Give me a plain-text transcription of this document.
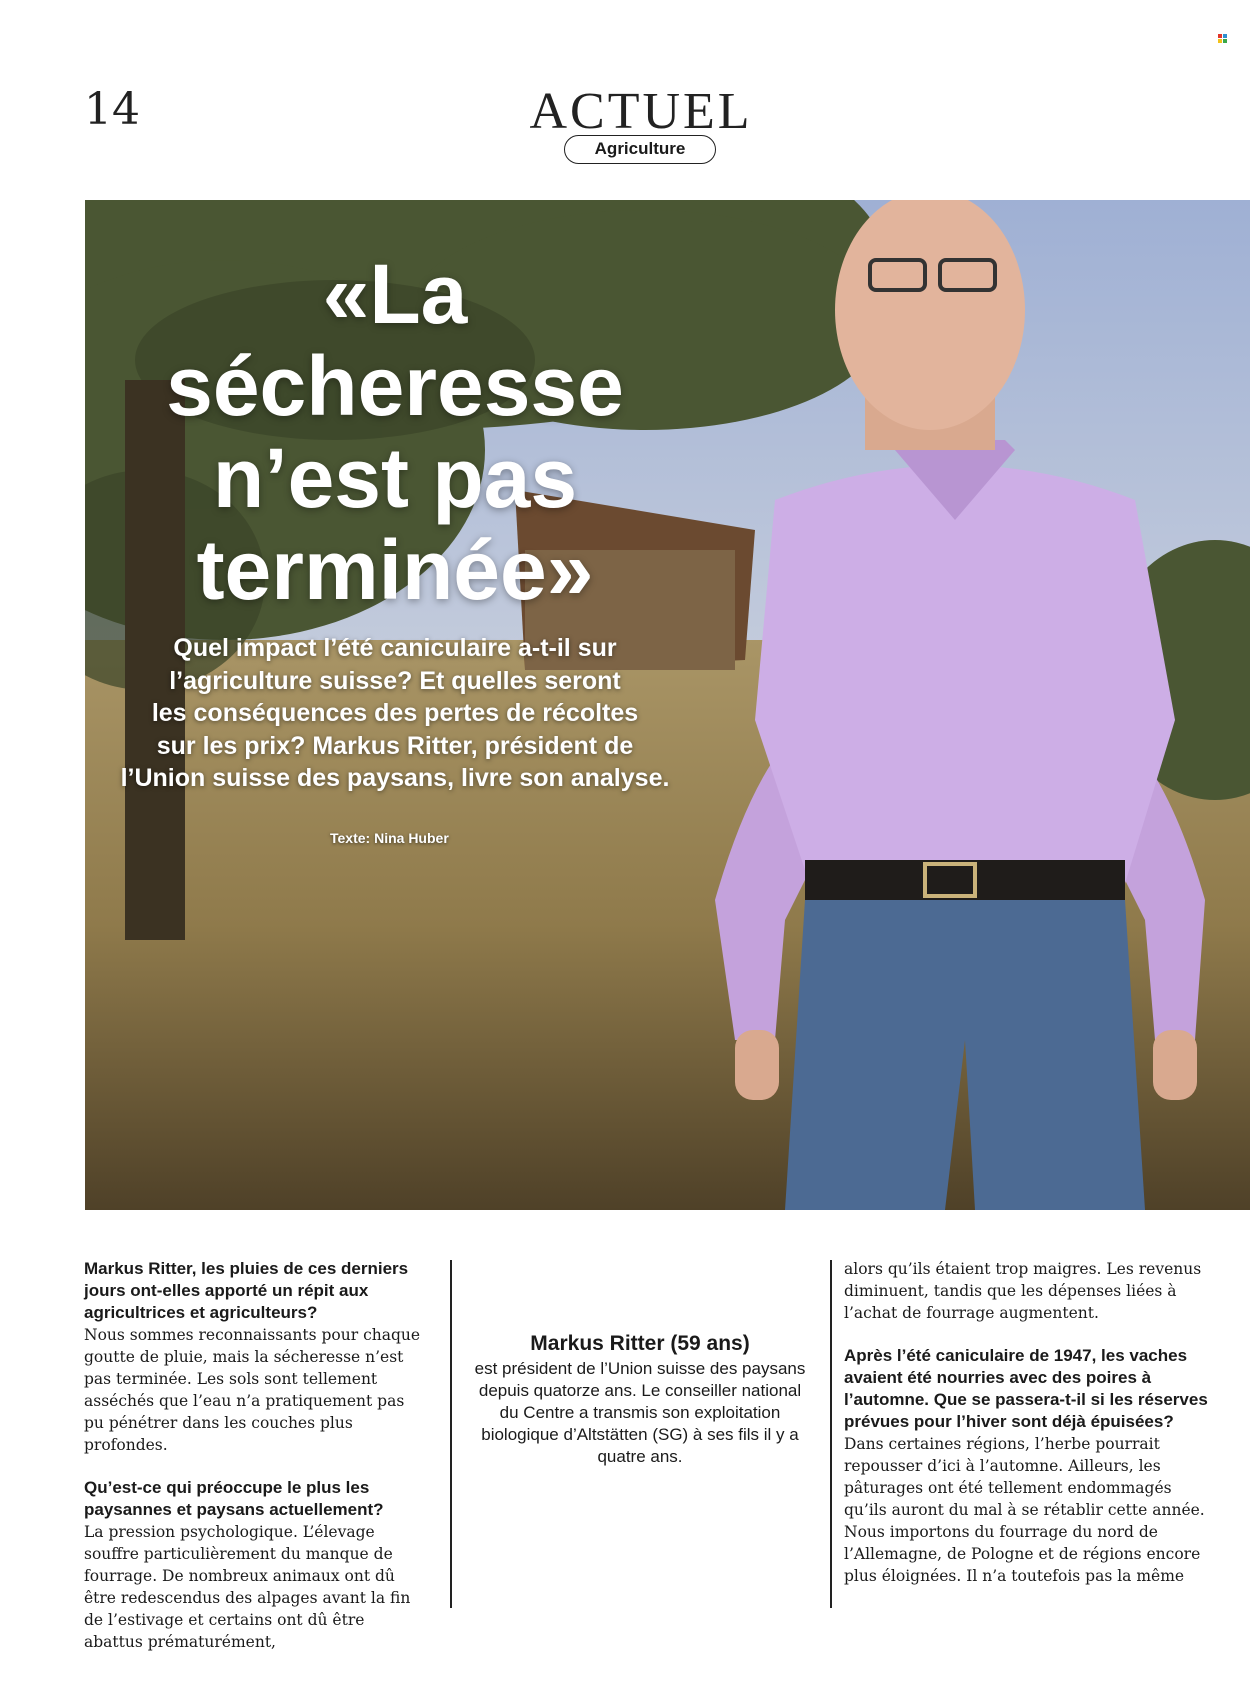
14	ACTUEL
Agriculture
«La
sécheresse
n’est pas
terminée»

Quel impact l’été caniculaire a-t-il sur
l’agriculture suisse? Et quelles seront
les conséquences des pertes de récoltes
sur les prix? Markus Ritter, président de
l’Union suisse des paysans, livre son analyse.

Texte: Nina Huber

Markus Ritter, les pluies de ces derniers jours ont-elles apporté un répit aux agricultrices et agriculteurs?
Nous sommes reconnaissants pour chaque goutte de pluie, mais la sécheresse n’est pas terminée. Les sols sont tellement asséchés que l’eau n’a pratiquement pas pu pénétrer dans les couches plus profondes.

Qu’est-ce qui préoccupe le plus les paysannes et paysans actuellement?
La pression psychologique. L’élevage souffre particulièrement du manque de fourrage. De nombreux animaux ont dû être redescendus des alpages avant la fin de l’estivage et certains ont dû être abattus prématurément,

Markus Ritter (59 ans)
est président de l’Union suisse des paysans depuis quatorze ans. Le conseiller national du Centre a transmis son exploitation biologique d’Altstätten (SG) à ses fils il y a quatre ans.

alors qu’ils étaient trop maigres. Les revenus diminuent, tandis que les dépenses liées à l’achat de fourrage augmentent.

Après l’été caniculaire de 1947, les vaches avaient été nourries avec des poires à l’automne. Que se passera-t-il si les réserves prévues pour l’hiver sont déjà épuisées?
Dans certaines régions, l’herbe pourrait repousser d’ici à l’automne. Ailleurs, les pâturages ont été tellement endommagés qu’ils auront du mal à se rétablir cette année. Nous importons du fourrage du nord de l’Allemagne, de Pologne et de régions encore plus éloignées. Il n’a toutefois pas la même
